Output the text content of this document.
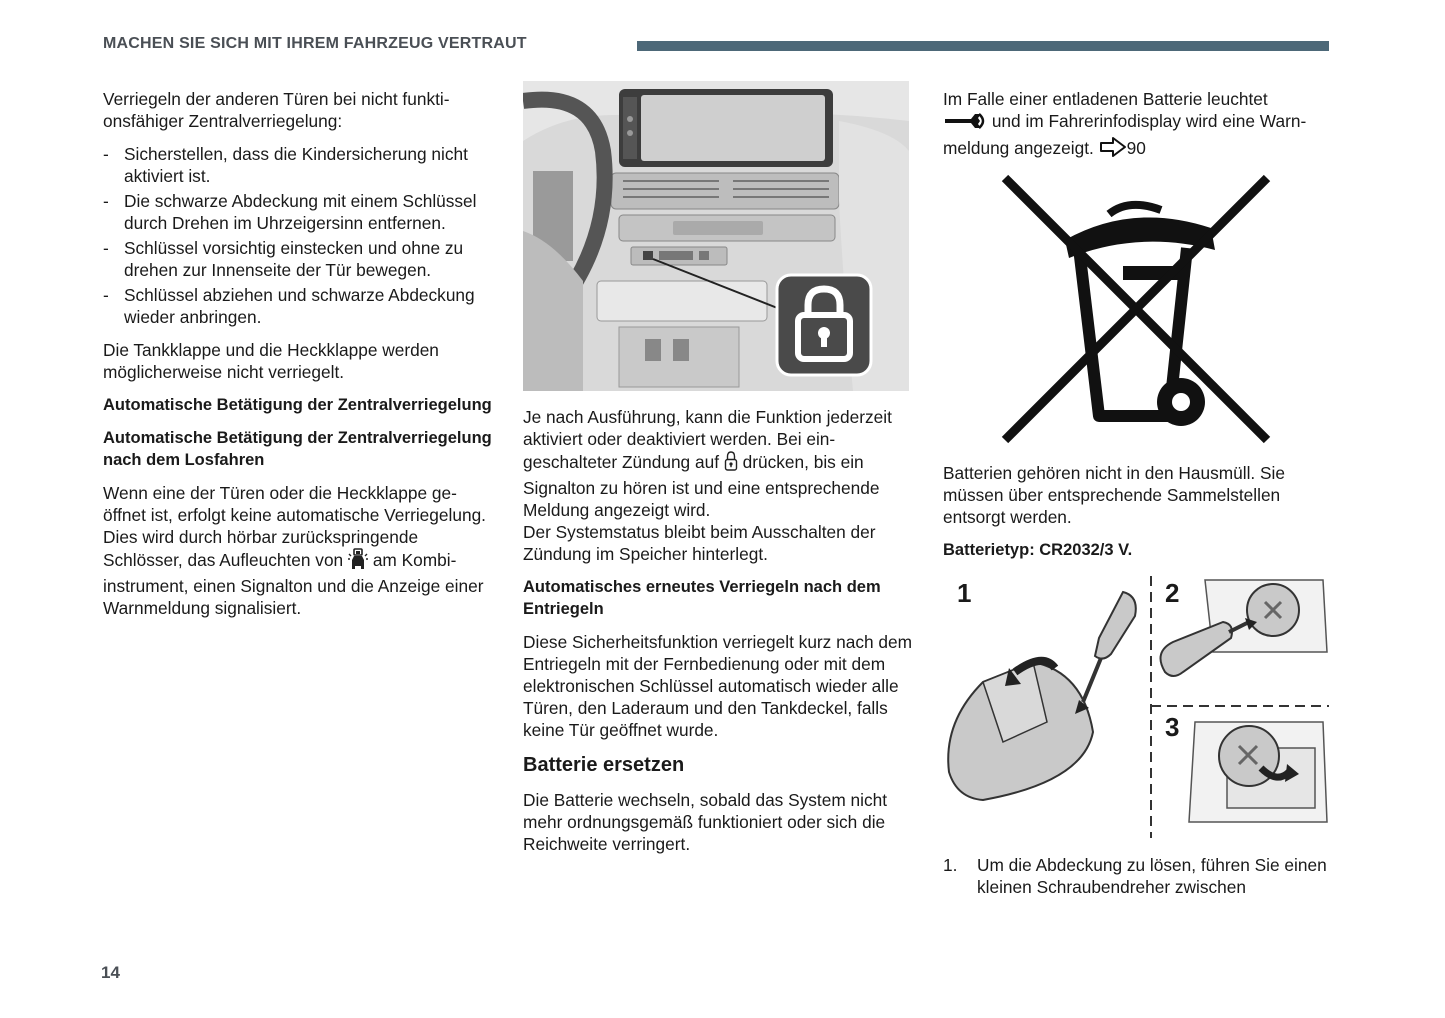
MACHEN SIE SICH MIT IHREM FAHRZEUG VERTRAUT

Verriegeln der anderen Türen bei nicht funktionsfähiger Zentralverriegelung:

- Sicherstellen, dass die Kindersicherung nicht aktiviert ist.
- Die schwarze Abdeckung mit einem Schlüssel durch Drehen im Uhrzeigersinn entfernen.
- Schlüssel vorsichtig einstecken und ohne zu drehen zur Innenseite der Tür bewegen.
- Schlüssel abziehen und schwarze Abdeckung wieder anbringen.

Die Tankklappe und die Heckklappe werden möglicherweise nicht verriegelt.

Automatische Betätigung der Zentralverriegelung
Automatische Betätigung der Zentralverriegelung nach dem Losfahren

Wenn eine der Türen oder die Heckklappe geöffnet ist, erfolgt keine automatische Verriegelung. Dies wird durch hörbar zurückspringende Schlösser, das Aufleuchten von am Kombiinstrument, einen Signalton und die Anzeige einer Warnmeldung signalisiert.

Je nach Ausführung, kann die Funktion jederzeit aktiviert oder deaktiviert werden. Bei eingeschalteter Zündung auf drücken, bis ein Signalton zu hören ist und eine entsprechende Meldung angezeigt wird.
Der Systemstatus bleibt beim Ausschalten der Zündung im Speicher hinterlegt.

Automatisches erneutes Verriegeln nach dem Entriegeln

Diese Sicherheitsfunktion verriegelt kurz nach dem Entriegeln mit der Fernbedienung oder mit dem elektronischen Schlüssel automatisch wieder alle Türen, den Laderaum und den Tankdeckel, falls keine Tür geöffnet wurde.

Batterie ersetzen

Die Batterie wechseln, sobald das System nicht mehr ordnungsgemäß funktioniert oder sich die Reichweite verringert.

Im Falle einer entladenen Batterie leuchtet
und im Fahrerinfodisplay wird eine Warnmeldung angezeigt. 90

Batterien gehören nicht in den Hausmüll. Sie müssen über entsprechende Sammelstellen entsorgt werden.

Batterietyp: CR2032/3 V.
1	2
3
1. Um die Abdeckung zu lösen, führen Sie einen kleinen Schraubendreher zwischen
14
